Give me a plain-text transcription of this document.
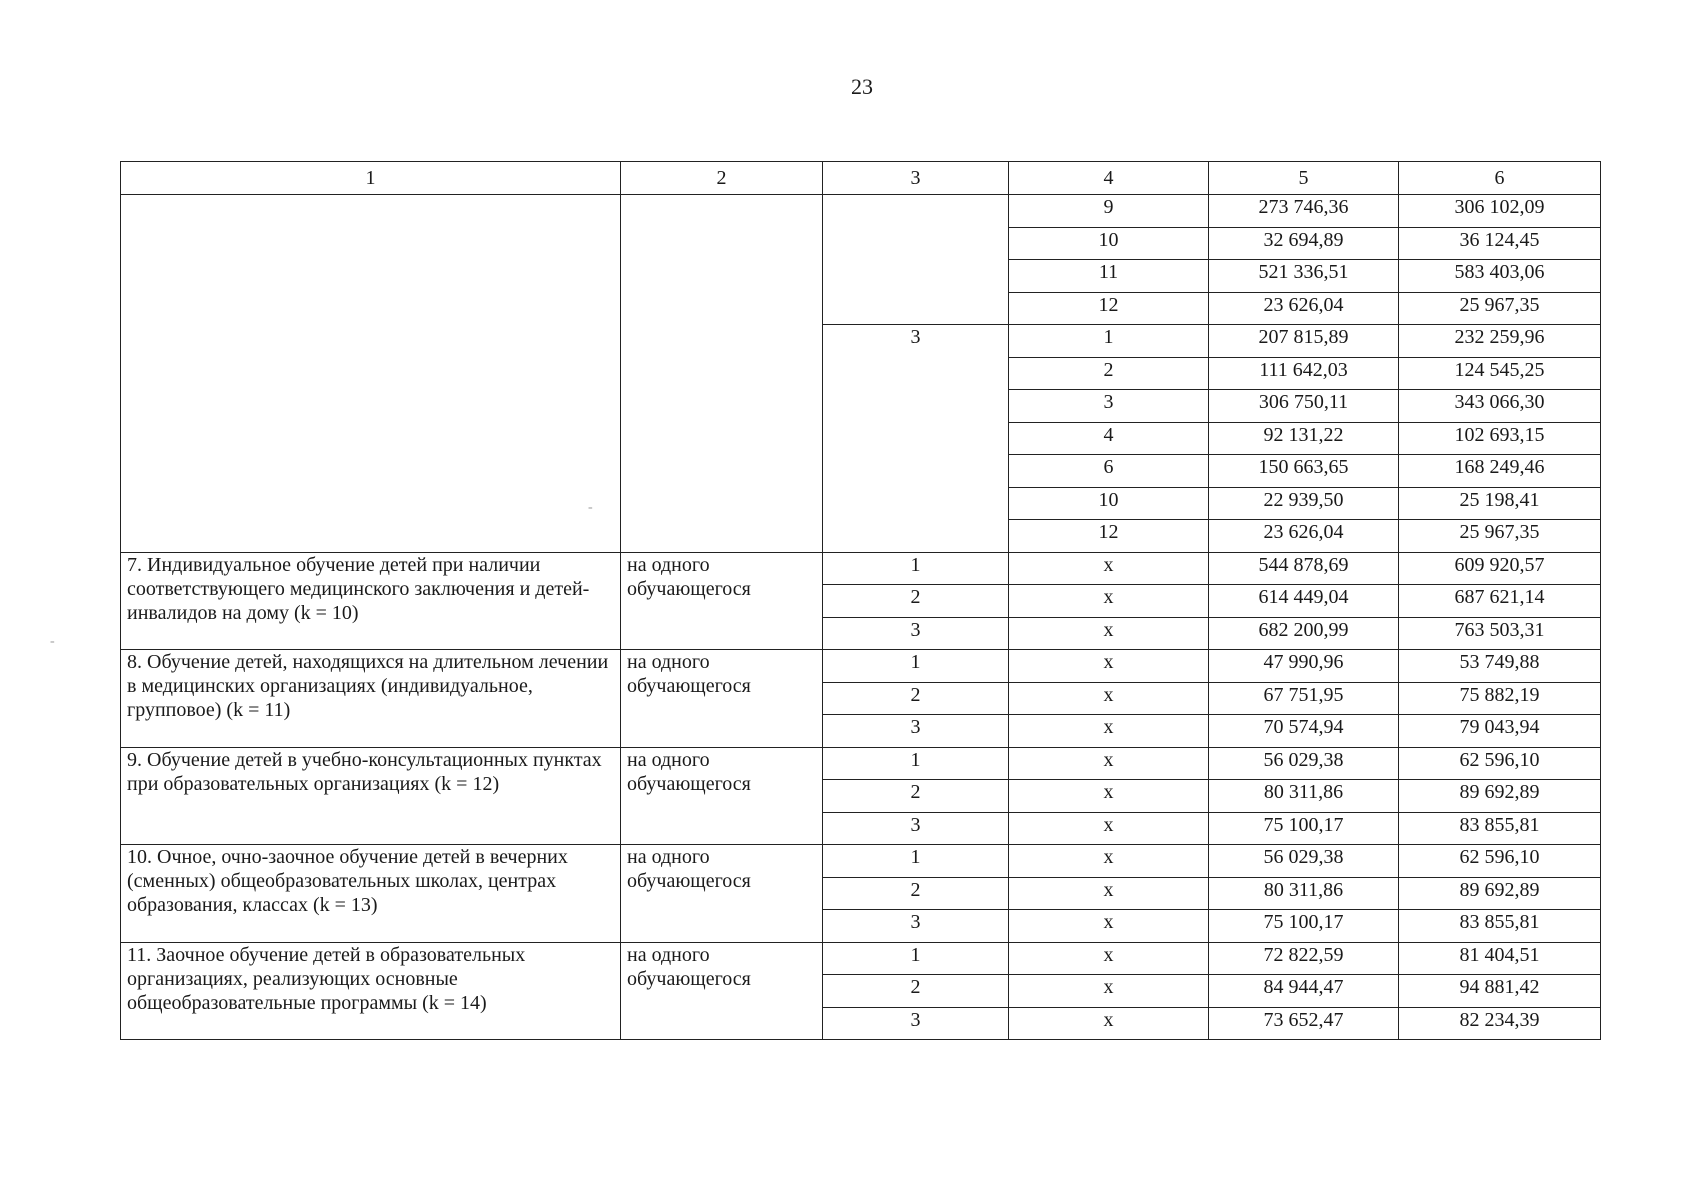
23
1	2	3	4	5	6
			9	273 746,36	306 102,09
			10	32 694,89	36 124,45
			11	521 336,51	583 403,06
			12	23 626,04	25 967,35
		3	1	207 815,89	232 259,96
			2	111 642,03	124 545,25
			3	306 750,11	343 066,30
			4	92 131,22	102 693,15
			6	150 663,65	168 249,46
			10	22 939,50	25 198,41
			12	23 626,04	25 967,35
7. Индивидуальное обучение детей при наличии соответствующего медицинского заключения и детей-инвалидов на дому (k = 10)	на одного обучающегося	1	x	544 878,69	609 920,57
		2	x	614 449,04	687 621,14
		3	x	682 200,99	763 503,31
8. Обучение детей, находящихся на длительном лечении в медицинских организациях (индивидуальное, групповое) (k = 11)	на одного обучающегося	1	x	47 990,96	53 749,88
		2	x	67 751,95	75 882,19
		3	x	70 574,94	79 043,94
9. Обучение детей в учебно-консультационных пунктах при образовательных организациях (k = 12)	на одного обучающегося	1	x	56 029,38	62 596,10
		2	x	80 311,86	89 692,89
		3	x	75 100,17	83 855,81
10. Очное, очно-заочное обучение детей в вечерних (сменных) общеобразовательных школах, центрах образования, классах (k = 13)	на одного обучающегося	1	x	56 029,38	62 596,10
		2	x	80 311,86	89 692,89
		3	x	75 100,17	83 855,81
11. Заочное обучение детей в образовательных организациях, реализующих основные общеобразовательные программы (k = 14)	на одного обучающегося	1	x	72 822,59	81 404,51
		2	x	84 944,47	94 881,42
		3	x	73 652,47	82 234,39
-
-
